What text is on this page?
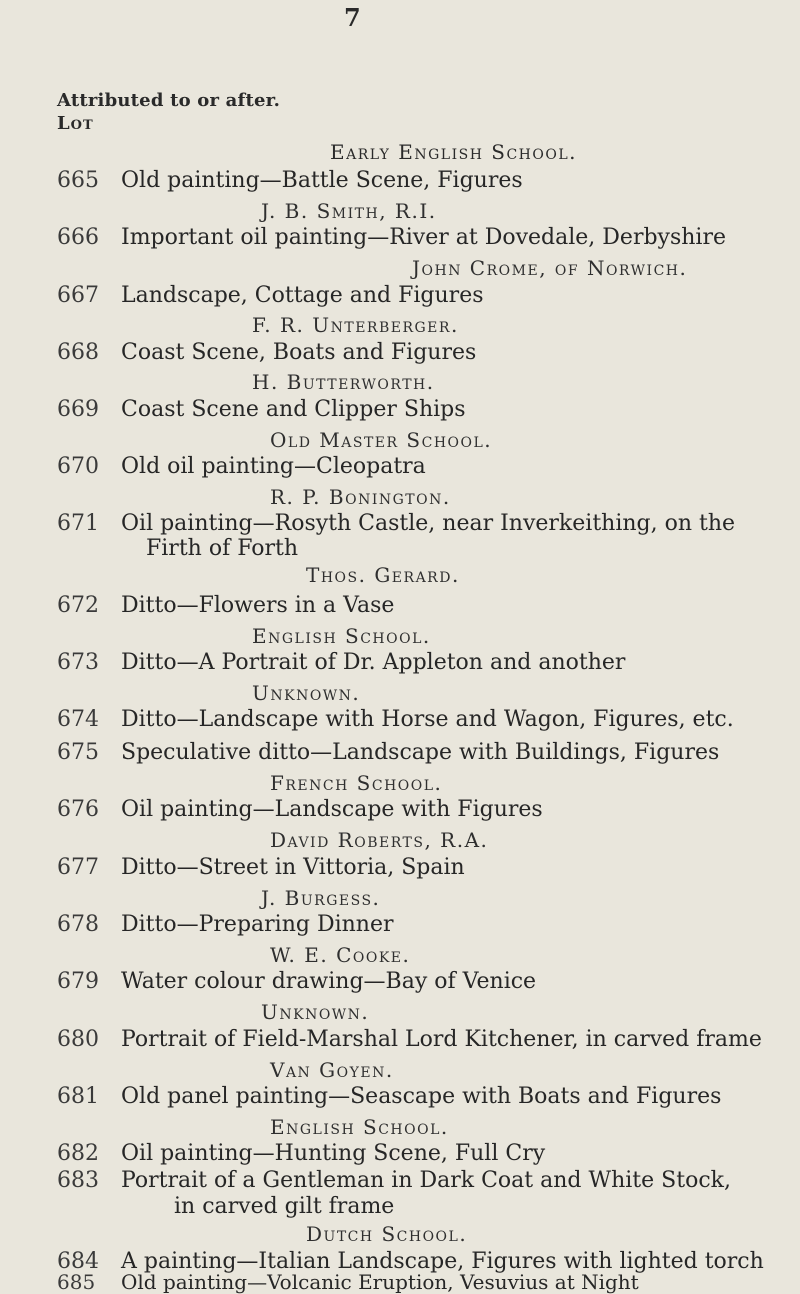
7
Attributed to or after.
Lot
Early English School.
665 Old painting—Battle Scene, Figures
J. B. Smith, R.I.
666 Important oil painting—River at Dovedale, Derbyshire
John Crome, of Norwich.
667 Landscape, Cottage and Figures
F. R. Unterberger.
668 Coast Scene, Boats and Figures
H. Butterworth.
669 Coast Scene and Clipper Ships
Old Master School.
670 Old oil painting—Cleopatra
R. P. Bonington.
671 Oil painting—Rosyth Castle, near Inverkeithing, on the
Firth of Forth
Thos. Gerard.
672 Ditto—Flowers in a Vase
English School.
673 Ditto—A Portrait of Dr. Appleton and another
Unknown.
674 Ditto—Landscape with Horse and Wagon, Figures, etc.
675 Speculative ditto—Landscape with Buildings, Figures
French School.
676 Oil painting—Landscape with Figures
David Roberts, R.A.
677 Ditto—Street in Vittoria, Spain
J. Burgess.
678 Ditto—Preparing Dinner
W. E. Cooke.
679 Water colour drawing—Bay of Venice
Unknown.
680 Portrait of Field-Marshal Lord Kitchener, in carved frame
Van Goyen.
681 Old panel painting—Seascape with Boats and Figures
English School.
682 Oil painting—Hunting Scene, Full Cry
683 Portrait of a Gentleman in Dark Coat and White Stock,
in carved gilt frame
Dutch School.
684 A painting—Italian Landscape, Figures with lighted torch
685 Old painting—Volcanic Eruption, Vesuvius at Night
